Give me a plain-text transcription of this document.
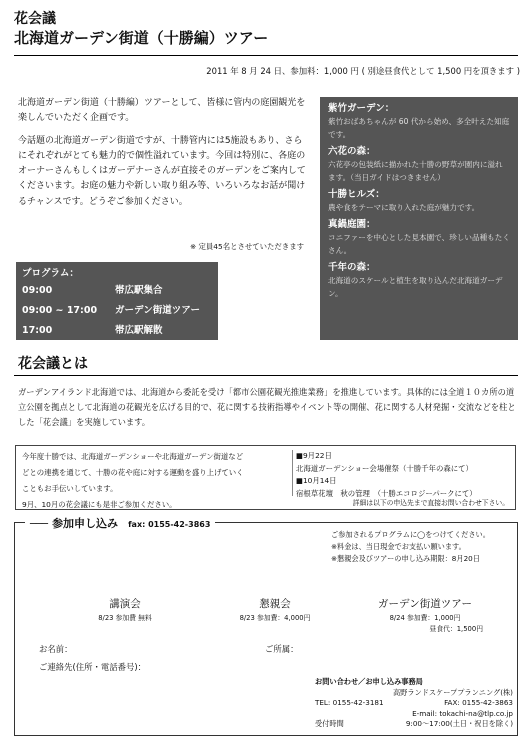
花会議
北海道ガーデン街道（十勝編）ツアー
2011 年 8 月 24 日、参加料：1,000 円 ( 別途昼食代として 1,500 円を頂きます )

北海道ガーデン街道（十勝編）ツアーとして、皆様に管内の庭園観光を楽しんでいただく企画です。

今話題の北海道ガーデン街道ですが、十勝管内には5施設もあり、さらにそれぞれがとても魅力的で個性溢れています。今回は特別に、各庭のオーナーさんもしくはガーデナーさんが直接そのガーデンをご案内してくださいます。お庭の魅力や新しい取り組み等、いろいろなお話が聞けるチャンスです。どうぞご参加ください。

※ 定員45名とさせていただきます
プログラム：
09:00	帯広駅集合
09:00 ~ 17:00	ガーデン街道ツアー
17:00	帯広駅解散
紫竹ガーデン：
紫竹おばあちゃんが 60 代から始め、多全叶えた知庭です。
六花の森：
六花亭の包装紙に描かれた十勝の野草が園内に溢れます。（当日ガイドはつきません）
十勝ヒルズ：
農や食をテーマに取り入れた庭が魅力です。
真鍋庭園：
コニファーを中心とした見本園で、珍しい品種もたくさん。
千年の森：
北海道のスケールと植生を取り込んだ北海道ガーデン。
花会議とは
ガーデンアイランド北海道では、北海道から委託を受け「都市公園花観光推進業務」を推進しています。具体的には全道１０カ所の道立公園を拠点として北海道の花観光を広げる目的で、花に関する技術指導やイベント等の開催、花に関する人材発掘・交流などを柱とした「花会議」を実施しています。
今年度十勝では、北海道ガーデンショーや北海道ガーデン街道など
どとの連携を通じて、十勝の花や庭に対する運動を盛り上げていく
こともお手伝いしています。
9月、10月の花会議にも是非ご参加ください。
■9月22日
北海道ガーデンショー会場催祭（十勝千年の森にて）
■10月14日
宿根草花壇　秋の管理　（十勝エコロジーパークにて）
詳細は以下の申込先まで直接お問い合わせ下さい。
─── 参加申し込み fax: 0155-42-3863
ご参加されるプログラムに◯をつけてください。
※料金は、当日現金でお支払い願います。
※懇親会及びツアーの申し込み期限：8月20日
講演会
8/23 参加費 無料
懇親会
8/23 参加費：4,000円
ガーデン街道ツアー
8/24 参加費：1,000円
昼食代：1,500円
お名前：	ご所属：
ご連絡先(住所・電話番号)：
お問い合わせ／お申し込み事務局
高野ランドスケーププランニング(株)
TEL: 0155-42-3181	FAX: 0155-42-3863
E-mail: tokachi-na@tlp.co.jp
受付時間	9:00～17:00(土日・祝日を除く)
